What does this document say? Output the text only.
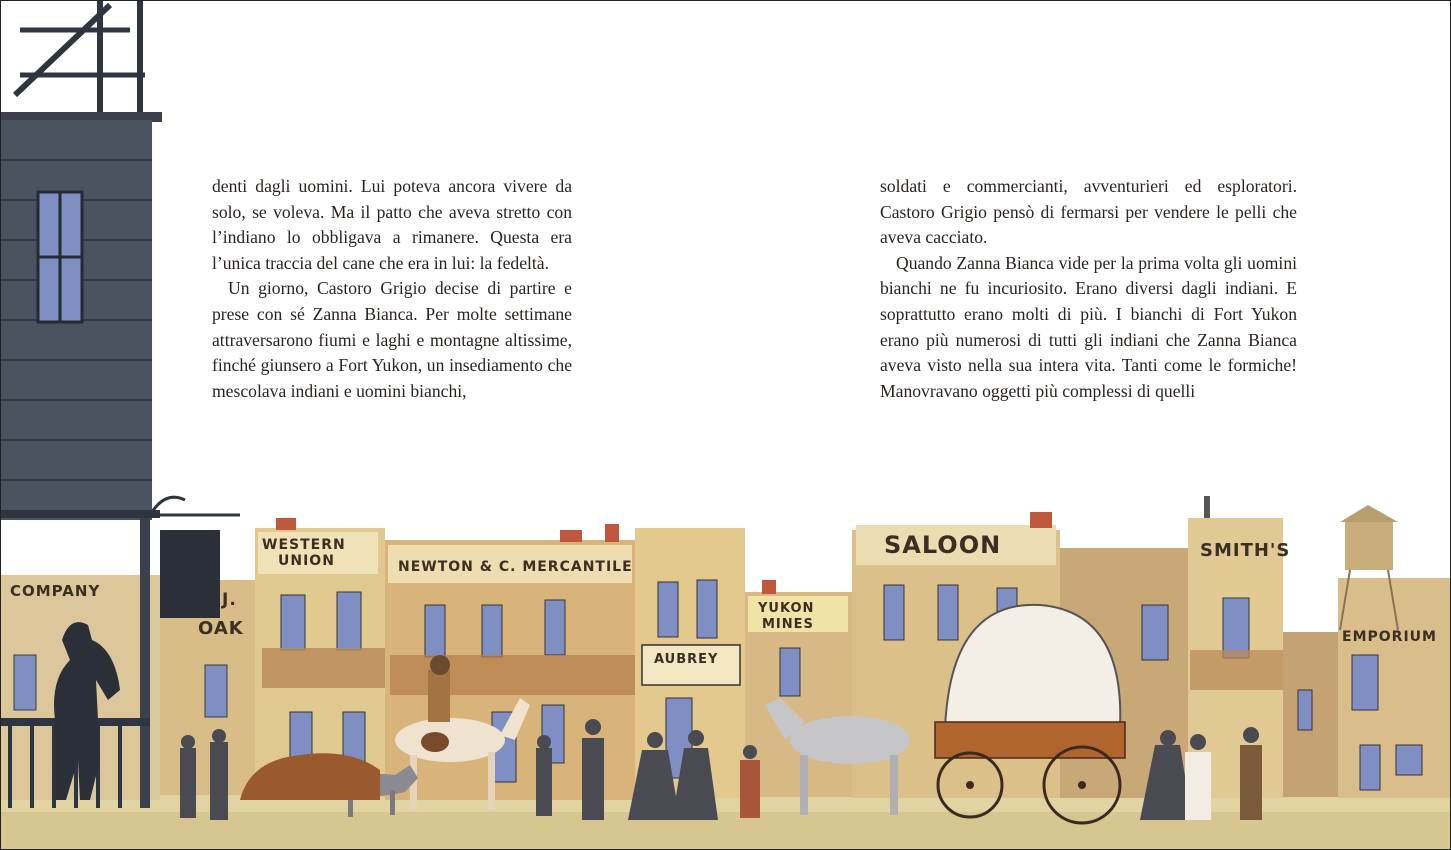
COMPANY	J.
OAK
WESTERN
UNION	NEWTON & C. MERCANTILE
AUBREY
YUKON
MINES
SALOON	SMITH'S
EMPORIUM

denti dagli uomini. Lui poteva ancora vivere da solo, se voleva. Ma il patto che aveva stretto con l’indiano lo obbligava a rimanere. Questa era l’unica traccia del cane che era in lui: la fedeltà.

Un giorno, Castoro Grigio decise di partire e prese con sé Zanna Bianca. Per molte settimane attraversarono fiumi e laghi e montagne altissime, finché giunsero a Fort Yukon, un insediamento che mescolava indiani e uomini bianchi,

soldati e commercianti, avventurieri ed esploratori. Castoro Grigio pensò di fermarsi per vendere le pelli che aveva cacciato.

Quando Zanna Bianca vide per la prima volta gli uomini bianchi ne fu incuriosito. Erano diversi dagli indiani. E soprattutto erano molti di più. I bianchi di Fort Yukon erano più numerosi di tutti gli indiani che Zanna Bianca aveva visto nella sua intera vita. Tanti come le formiche! Manovravano oggetti più complessi di quelli
